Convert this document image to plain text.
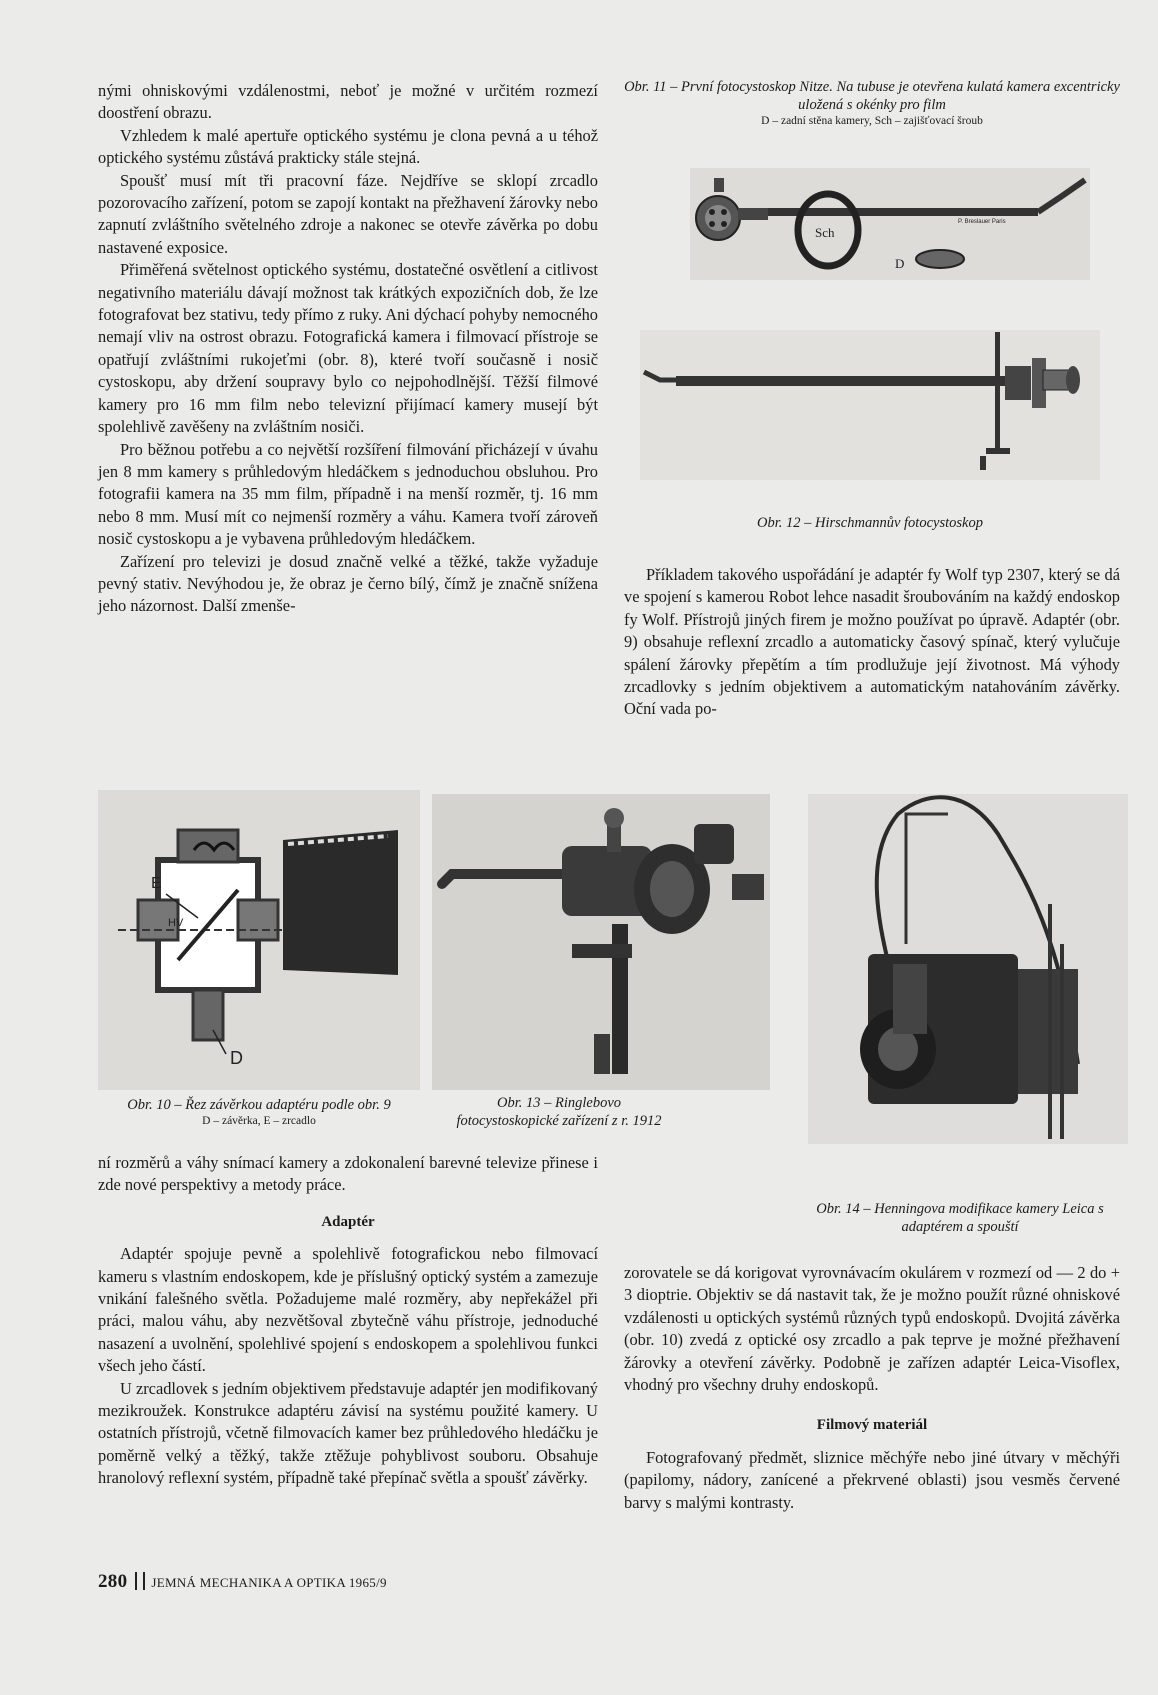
nými ohniskovými vzdálenostmi, neboť je možné v určitém rozmezí doostření obrazu.

Vzhledem k malé apertuře optického systému je clona pevná a u téhož optického systému zůstává prakticky stále stejná.

Spoušť musí mít tři pracovní fáze. Nejdříve se sklopí zrcadlo pozorovacího zařízení, potom se zapojí kontakt na přežhavení žárovky nebo zapnutí zvláštního světelného zdroje a nakonec se otevře závěrka po dobu nastavené exposice.

Přiměřená světelnost optického systému, dostatečné osvětlení a citlivost negativního materiálu dávají možnost tak krátkých expozičních dob, že lze fotografovat bez stativu, tedy přímo z ruky. Ani dýchací pohyby nemocného nemají vliv na ostrost obrazu. Fotografická kamera i filmovací přístroje se opatřují zvláštními rukojeťmi (obr. 8), které tvoří současně i nosič cystoskopu, aby držení soupravy bylo co nejpohodlnější. Těžší filmové kamery pro 16 mm film nebo televizní přijímací kamery musejí být spolehlivě zavěšeny na zvláštním nosiči.

Pro běžnou potřebu a co největší rozšíření filmování přicházejí v úvahu jen 8 mm kamery s průhledovým hledáčkem s jednoduchou obsluhou. Pro fotografii kamera na 35 mm film, případně i na menší rozměr, tj. 16 mm nebo 8 mm. Musí mít co nejmenší rozměry a váhu. Kamera tvoří zároveň nosič cystoskopu a je vybavena průhledovým hledáčkem.

Zařízení pro televizi je dosud značně velké a těžké, takže vyžaduje pevný stativ. Nevýhodou je, že obraz je černo bílý, čímž je značně snížena jeho názornost. Další zmenše-

Obr. 11 – První fotocystoskop Nitze. Na tubuse je otevřena kulatá kamera excentricky uložená s okénky pro film
D – zadní stěna kamery, Sch – zajišťovací šroub
Sch
D
P. Breslauer Paris
Obr. 12 – Hirschmannův fotocystoskop

Příkladem takového uspořádání je adaptér fy Wolf typ 2307, který se dá ve spojení s kamerou Robot lehce nasadit šroubováním na každý endoskop fy Wolf. Přístrojů jiných firem je možno používat po úpravě. Adaptér (obr. 9) obsahuje reflexní zrcadlo a automaticky časový spínač, který vylučuje spálení žárovky přepětím a tím prodlužuje její životnost. Má výhody zrcadlovky s jedním objektivem a automatickým natahováním závěrky. Oční vada po-

E
D
HV
Obr. 10 – Řez závěrkou adaptéru podle obr. 9
D – závěrka, E – zrcadlo
Obr. 13 – Ringlebovo fotocystoskopické zařízení z r. 1912
Obr. 14 – Henningova modifikace kamery Leica s adaptérem a spouští

ní rozměrů a váhy snímací kamery a zdokonalení barevné televize přinese i zde nové perspektivy a metody práce.

Adaptér

Adaptér spojuje pevně a spolehlivě fotografickou nebo filmovací kameru s vlastním endoskopem, kde je příslušný optický systém a zamezuje vnikání falešného světla. Požadujeme malé rozměry, aby nepřekážel při práci, malou váhu, aby nezvětšoval zbytečně váhu přístroje, jednoduché nasazení a uvolnění, spolehlivé spojení s endoskopem a spolehlivou funkci všech jeho částí.

U zrcadlovek s jedním objektivem představuje adaptér jen modifikovaný mezikroužek. Konstrukce adaptéru závisí na systému použité kamery. U ostatních přístrojů, včetně filmovacích kamer bez průhledového hledáčku je poměrně velký a těžký, takže ztěžuje pohyblivost souboru. Obsahuje hranolový reflexní systém, případně také přepínač světla a spoušť závěrky.

zorovatele se dá korigovat vyrovnávacím okulárem v rozmezí od — 2 do + 3 dioptrie. Objektiv se dá nastavit tak, že je možno použít různé ohniskové vzdálenosti u optických systémů různých typů endoskopů. Dvojitá závěrka (obr. 10) zvedá z optické osy zrcadlo a pak teprve je možné přežhavení žárovky a otevření závěrky. Podobně je zařízen adaptér Leica-Visoflex, vhodný pro všechny druhy endoskopů.

Filmový materiál

Fotografovaný předmět, sliznice měchýře nebo jiné útvary v měchýři (papilomy, nádory, zanícené a překrvené oblasti) jsou vesměs červené barvy s malými kontrasty.

280 JEMNÁ MECHANIKA A OPTIKA 1965/9
